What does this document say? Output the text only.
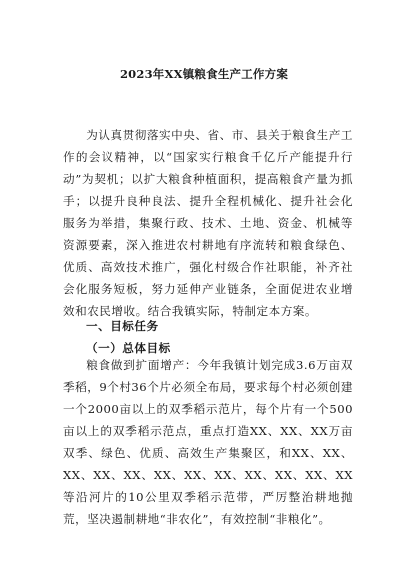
2023年XX镇粮食生产工作方案

为认真贯彻落实中央、省、市、县关于粮食生产工作的会议精神，以“国家实行粮食千亿斤产能提升行动”为契机；以扩大粮食种植面积，提高粮食产量为抓手；以提升良种良法、提升全程机械化、提升社会化服务为举措，集聚行政、技术、土地、资金、机械等资源要素，深入推进农村耕地有序流转和粮食绿色、优质、高效技术推广，强化村级合作社职能，补齐社会化服务短板，努力延伸产业链条，全面促进农业增效和农民增收。结合我镇实际，特制定本方案。

一、目标任务
（一）总体目标

粮食做到扩面增产：今年我镇计划完成3.6万亩双季稻，9个村36个片必须全布局，要求每个村必须创建一个2000亩以上的双季稻示范片，每个片有一个500亩以上的双季稻示范点，重点打造XX、XX、XX万亩双季、绿色、优质、高效生产集聚区，和XX、XX、XX、XX、XX、XX、XX、XX、XX、XX、XX、XX等沿河片的10公里双季稻示范带，严厉整治耕地抛荒，坚决遏制耕地“非农化”，有效控制“非粮化”。
